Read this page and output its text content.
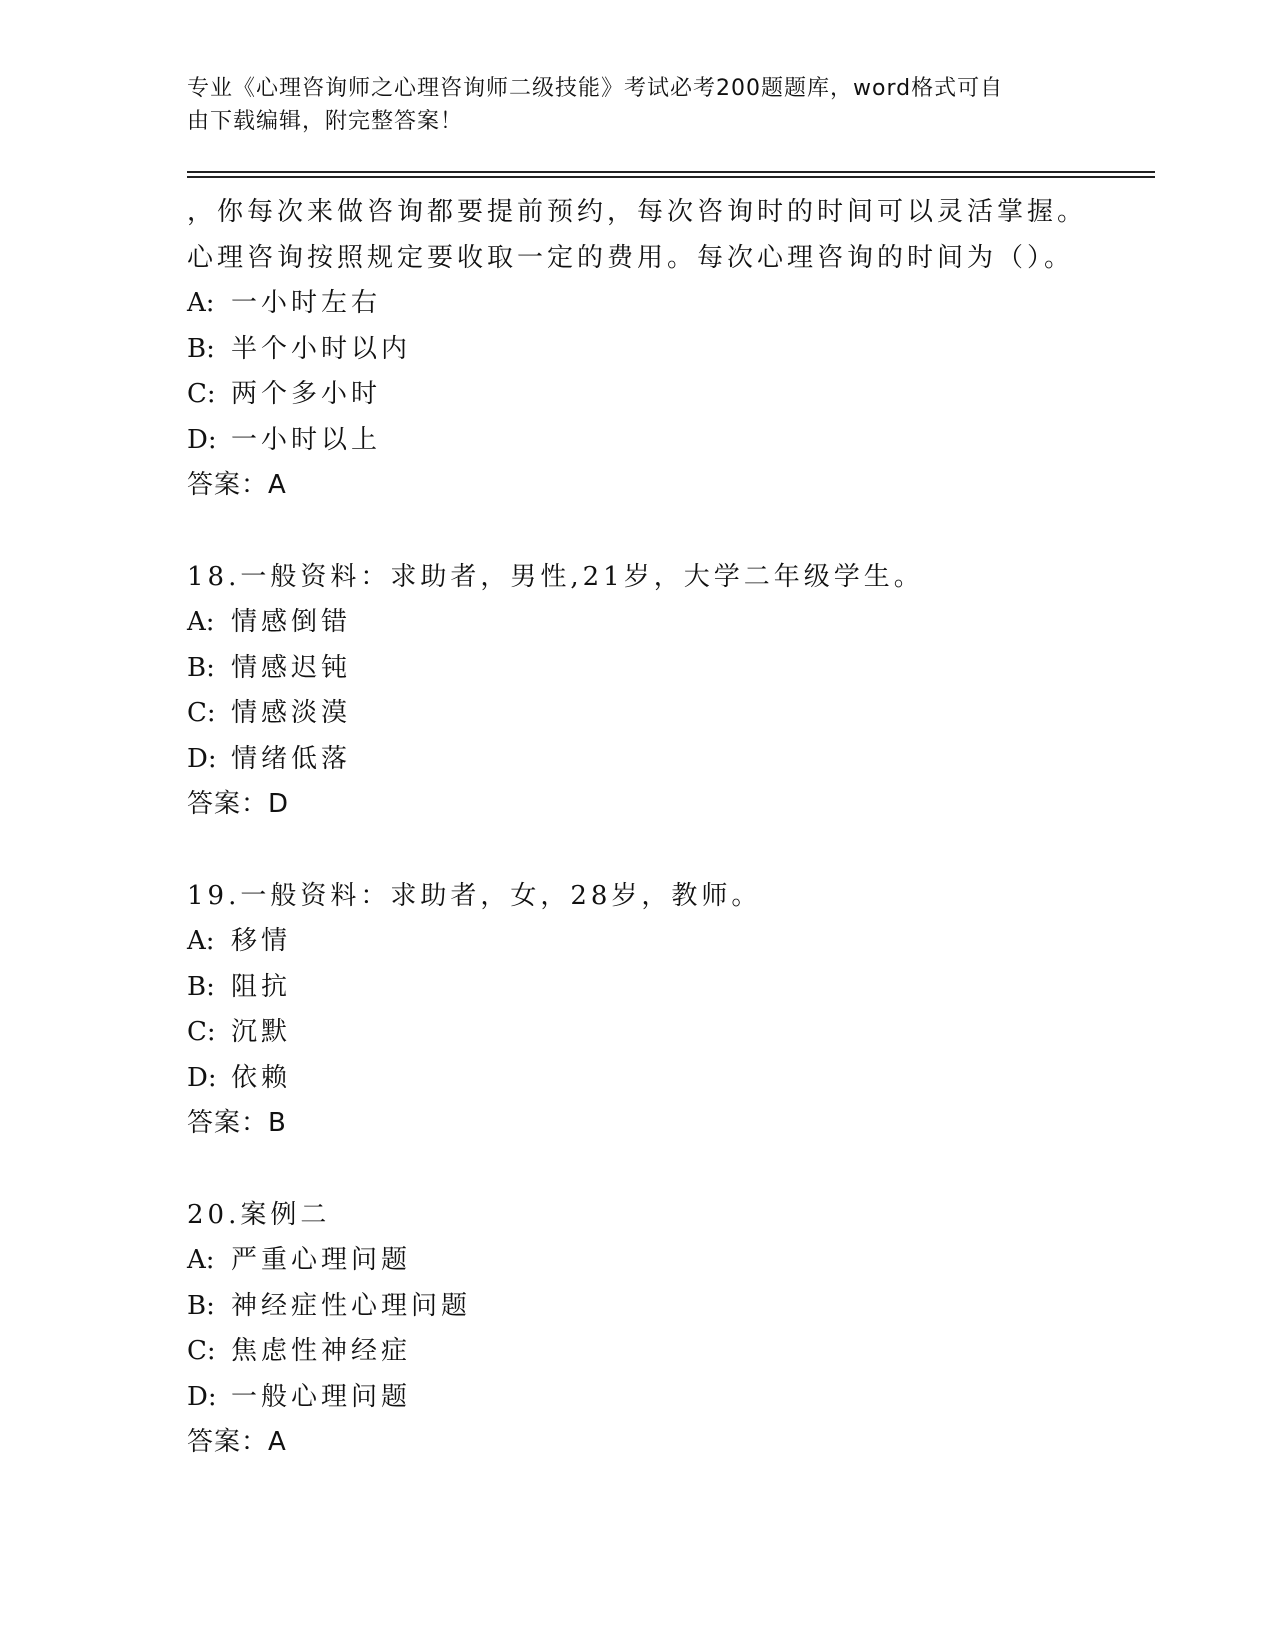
专业《心理咨询师之心理咨询师二级技能》考试必考200题题库，word格式可自
由下载编辑，附完整答案！
，你每次来做咨询都要提前预约，每次咨询时的时间可以灵活掌握。
心理咨询按照规定要收取一定的费用。每次心理咨询的时间为（）。
A: 一小时左右
B: 半个小时以内
C: 两个多小时
D: 一小时以上
答案：A
18.一般资料：求助者，男性,21岁，大学二年级学生。
A: 情感倒错
B: 情感迟钝
C: 情感淡漠
D: 情绪低落
答案：D
19.一般资料：求助者，女，28岁，教师。
A: 移情
B: 阻抗
C: 沉默
D: 依赖
答案：B
20.案例二
A: 严重心理问题
B: 神经症性心理问题
C: 焦虑性神经症
D: 一般心理问题
答案：A
